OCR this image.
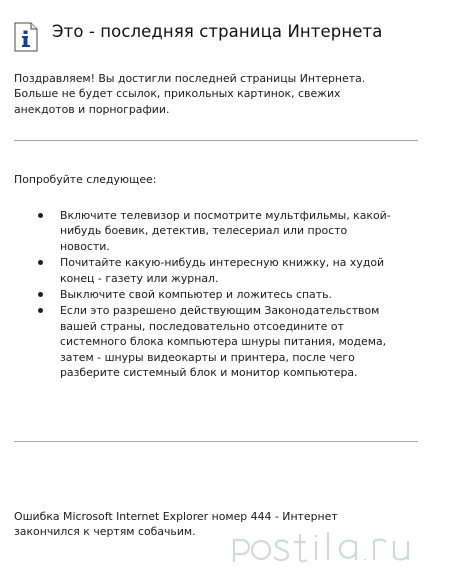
Это - последняя страница Интернета
Поздравляем! Вы достигли последней страницы Интернета.
Больше не будет ссылок, прикольных картинок, свежих
анекдотов и порнографии.
Попробуйте следующее:
Включите телевизор и посмотрите мультфильмы, какой-
нибудь боевик, детектив, телесериал или просто
новости.
Почитайте какую-нибудь интересную книжку, на худой
конец - газету или журнал.
Выключите свой компьютер и ложитесь спать.
Если это разрешено действующим Законодательством
вашей страны, последовательно отсоедините от
системного блока компьютера шнуры питания, модема,
затем - шнуры видеокарты и принтера, после чего
разберите системный блок и монитор компьютера.
Ошибка Microsoft Internet Explorer номер 444 - Интернет
закончился к чертям собачьим.
